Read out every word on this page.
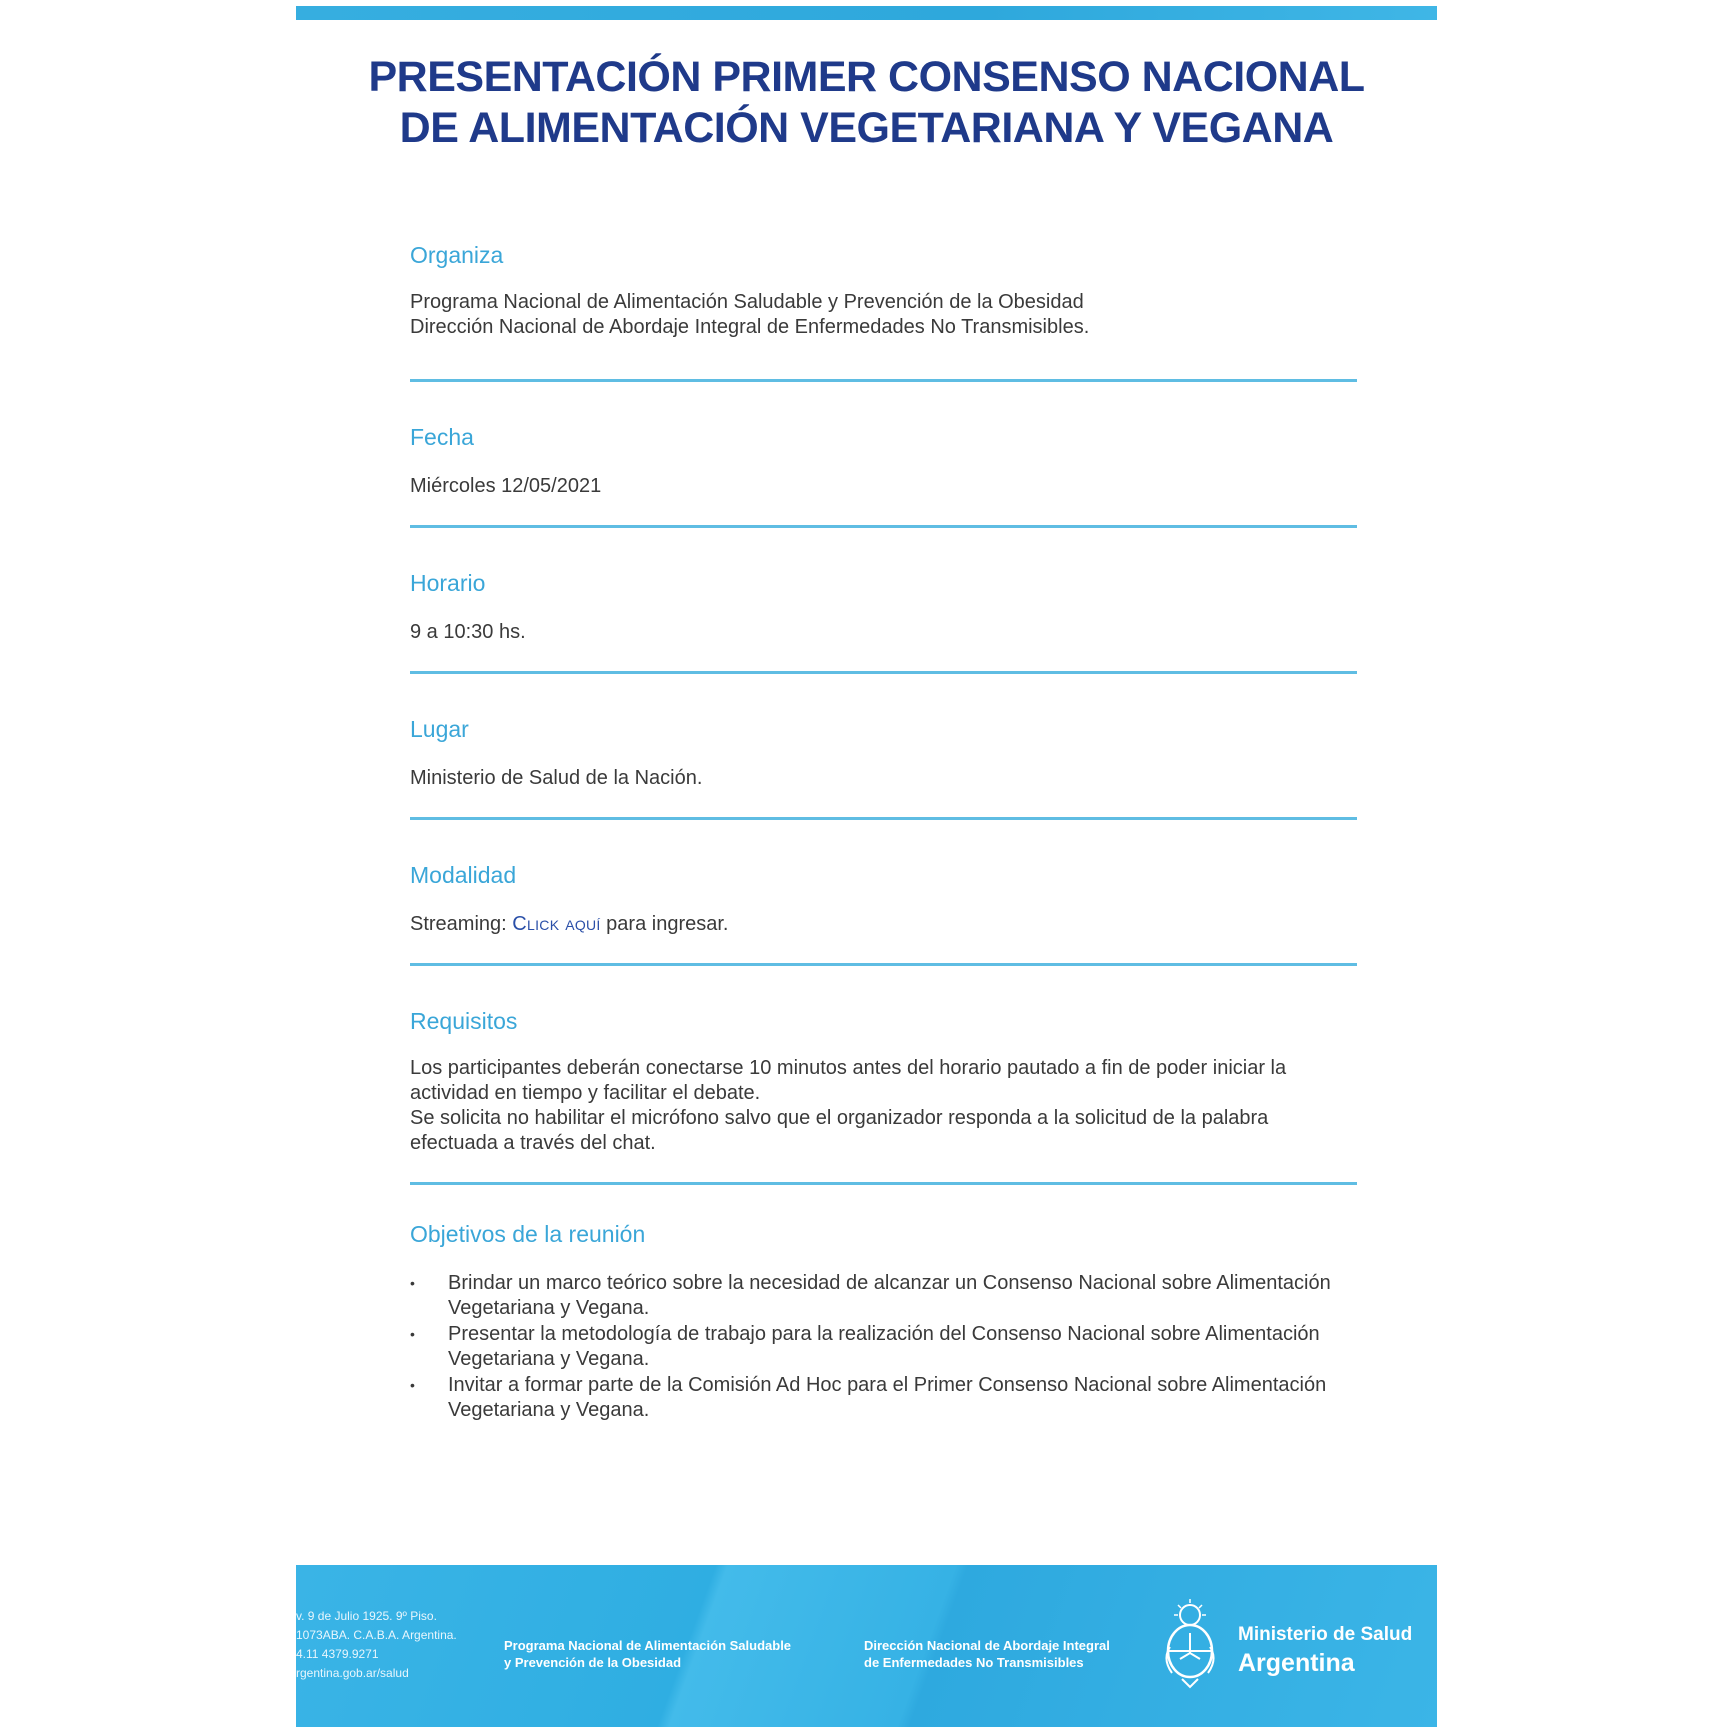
PRESENTACIÓN PRIMER CONSENSO NACIONAL
DE ALIMENTACIÓN VEGETARIANA Y VEGANA

Organiza

Programa Nacional de Alimentación Saludable y Prevención de la Obesidad
Dirección Nacional de Abordaje Integral de Enfermedades No Transmisibles.

Fecha

Miércoles 12/05/2021

Horario

9 a 10:30 hs.

Lugar

Ministerio de Salud de la Nación.

Modalidad

Streaming: Click aquí para ingresar.

Requisitos

Los participantes deberán conectarse 10 minutos antes del horario pautado a fin de poder iniciar la
actividad en tiempo y facilitar el debate.
Se solicita no habilitar el micrófono salvo que el organizador responda a la solicitud de la palabra
efectuada a través del chat.

Objetivos de la reunión

• Brindar un marco teórico sobre la necesidad de alcanzar un Consenso Nacional sobre Alimentación
Vegetariana y Vegana.
• Presentar la metodología de trabajo para la realización del Consenso Nacional sobre Alimentación
Vegetariana y Vegana.
• Invitar a formar parte de la Comisión Ad Hoc para el Primer Consenso Nacional sobre Alimentación
Vegetariana y Vegana.
v. 9 de Julio 1925. 9º Piso.
1073ABA. C.A.B.A. Argentina.
4.11 4379.9271
rgentina.gob.ar/salud
Programa Nacional de Alimentación Saludable
y Prevención de la Obesidad
Dirección Nacional de Abordaje Integral
de Enfermedades No Transmisibles
Ministerio de Salud
Argentina
